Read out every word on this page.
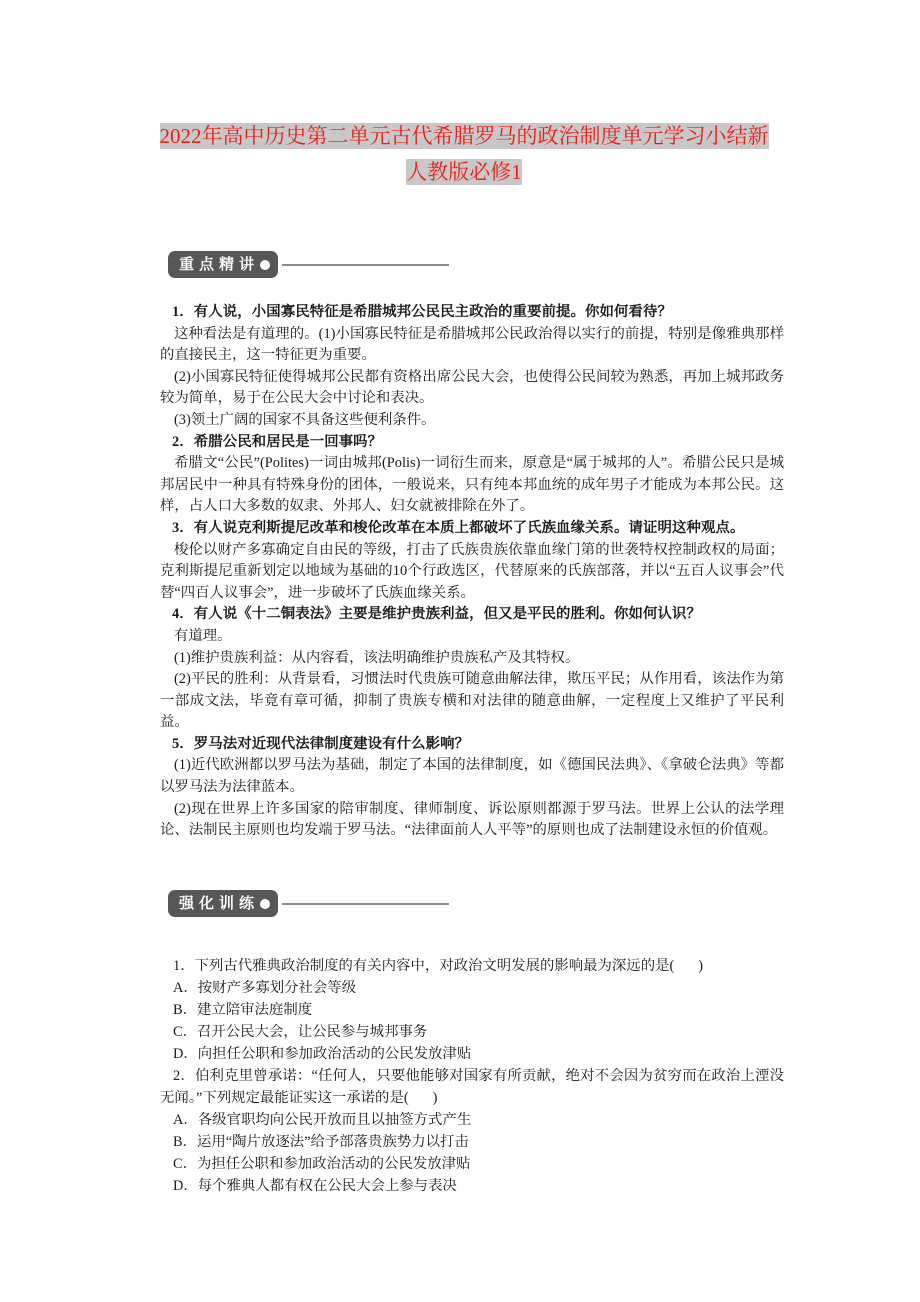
2022年高中历史第二单元古代希腊罗马的政治制度单元学习小结新
人教版必修1
重点精讲
1．有人说，小国寡民特征是希腊城邦公民民主政治的重要前提。你如何看待？
这种看法是有道理的。(1)小国寡民特征是希腊城邦公民政治得以实行的前提，特别是像雅典那样的直接民主，这一特征更为重要。
(2)小国寡民特征使得城邦公民都有资格出席公民大会，也使得公民间较为熟悉，再加上城邦政务较为简单，易于在公民大会中讨论和表决。
(3)领土广阔的国家不具备这些便利条件。
2．希腊公民和居民是一回事吗？
希腊文“公民”(Polites)一词由城邦(Polis)一词衍生而来，原意是“属于城邦的人”。希腊公民只是城邦居民中一种具有特殊身份的团体，一般说来，只有纯本邦血统的成年男子才能成为本邦公民。这样，占人口大多数的奴隶、外邦人、妇女就被排除在外了。
3．有人说克利斯提尼改革和梭伦改革在本质上都破坏了氏族血缘关系。请证明这种观点。
梭伦以财产多寡确定自由民的等级，打击了氏族贵族依靠血缘门第的世袭特权控制政权的局面；克利斯提尼重新划定以地域为基础的10个行政选区，代替原来的氏族部落，并以“五百人议事会”代替“四百人议事会”，进一步破坏了氏族血缘关系。
4．有人说《十二铜表法》主要是维护贵族利益，但又是平民的胜利。你如何认识？
有道理。
(1)维护贵族利益：从内容看，该法明确维护贵族私产及其特权。
(2)平民的胜利：从背景看，习惯法时代贵族可随意曲解法律，欺压平民；从作用看，该法作为第一部成文法，毕竟有章可循，抑制了贵族专横和对法律的随意曲解，一定程度上又维护了平民利益。
5．罗马法对近现代法律制度建设有什么影响？
(1)近代欧洲都以罗马法为基础，制定了本国的法律制度，如《德国民法典》、《拿破仑法典》等都以罗马法为法律蓝本。
(2)现在世界上许多国家的陪审制度、律师制度、诉讼原则都源于罗马法。世界上公认的法学理论、法制民主原则也均发端于罗马法。“法律面前人人平等”的原则也成了法制建设永恒的价值观。
强化训练
1．下列古代雅典政治制度的有关内容中，对政治文明发展的影响最为深远的是( )
A．按财产多寡划分社会等级
B．建立陪审法庭制度
C．召开公民大会，让公民参与城邦事务
D．向担任公职和参加政治活动的公民发放津贴
2．伯利克里曾承诺：“任何人，只要他能够对国家有所贡献，绝对不会因为贫穷而在政治上湮没无闻。”下列规定最能证实这一承诺的是( )
A．各级官职均向公民开放而且以抽签方式产生
B．运用“陶片放逐法”给予部落贵族势力以打击
C．为担任公职和参加政治活动的公民发放津贴
D．每个雅典人都有权在公民大会上参与表决
